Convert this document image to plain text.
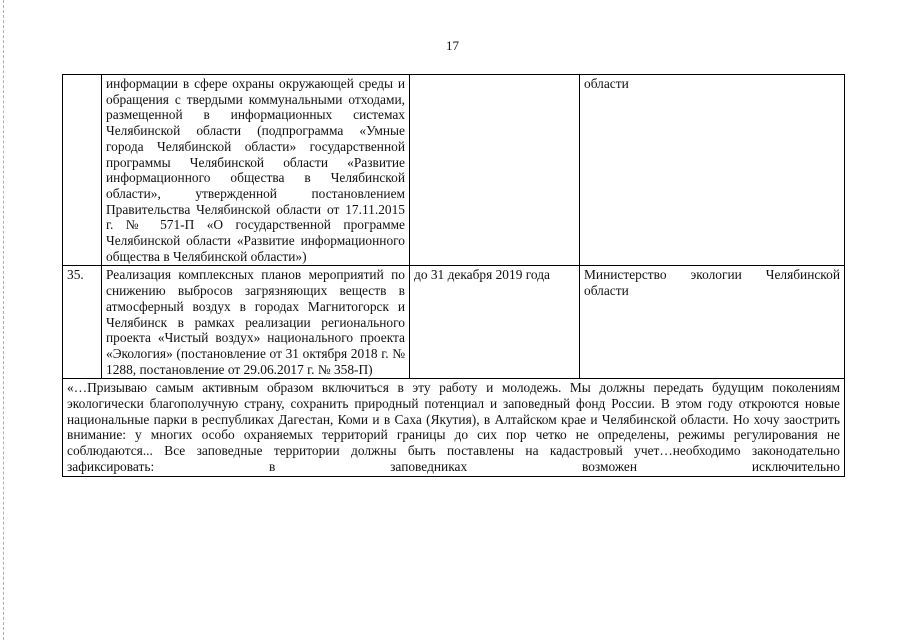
17
	информации в сфере охраны окружающей среды и обращения с твердыми коммунальными отходами, размещенной в информационных системах Челябинской области (подпрограмма «Умные города Челябинской области» государственной программы Челябинской области «Развитие информационного общества в Челябинской области», утвержденной постановлением Правительства Челябинской области от 17.11.2015 г. № 571-П «О государственной программе Челябинской области «Развитие информационного общества в Челябинской области»)		области
35.	Реализация комплексных планов мероприятий по снижению выбросов загрязняющих веществ в атмосферный воздух в городах Магнитогорск и Челябинск в рамках реализации регионального проекта «Чистый воздух» национального проекта «Экология» (постановление от 31 октября 2018 г. № 1288, постановление от 29.06.2017 г. № 358-П)	до 31 декабря 2019 года	Министерство экологии Челябинской области
«…Призываю самым активным образом включиться в эту работу и молодежь. Мы должны передать будущим поколениям экологически благополучную страну, сохранить природный потенциал и заповедный фонд России. В этом году откроются новые национальные парки в республиках Дагестан, Коми и в Саха (Якутия), в Алтайском крае и Челябинской области. Но хочу заострить внимание: у многих особо охраняемых территорий границы до сих пор четко не определены, режимы регулирования не соблюдаются... Все заповедные территории должны быть поставлены на кадастровый учет…необходимо законодательно зафиксировать: в заповедниках возможен исключительно			
